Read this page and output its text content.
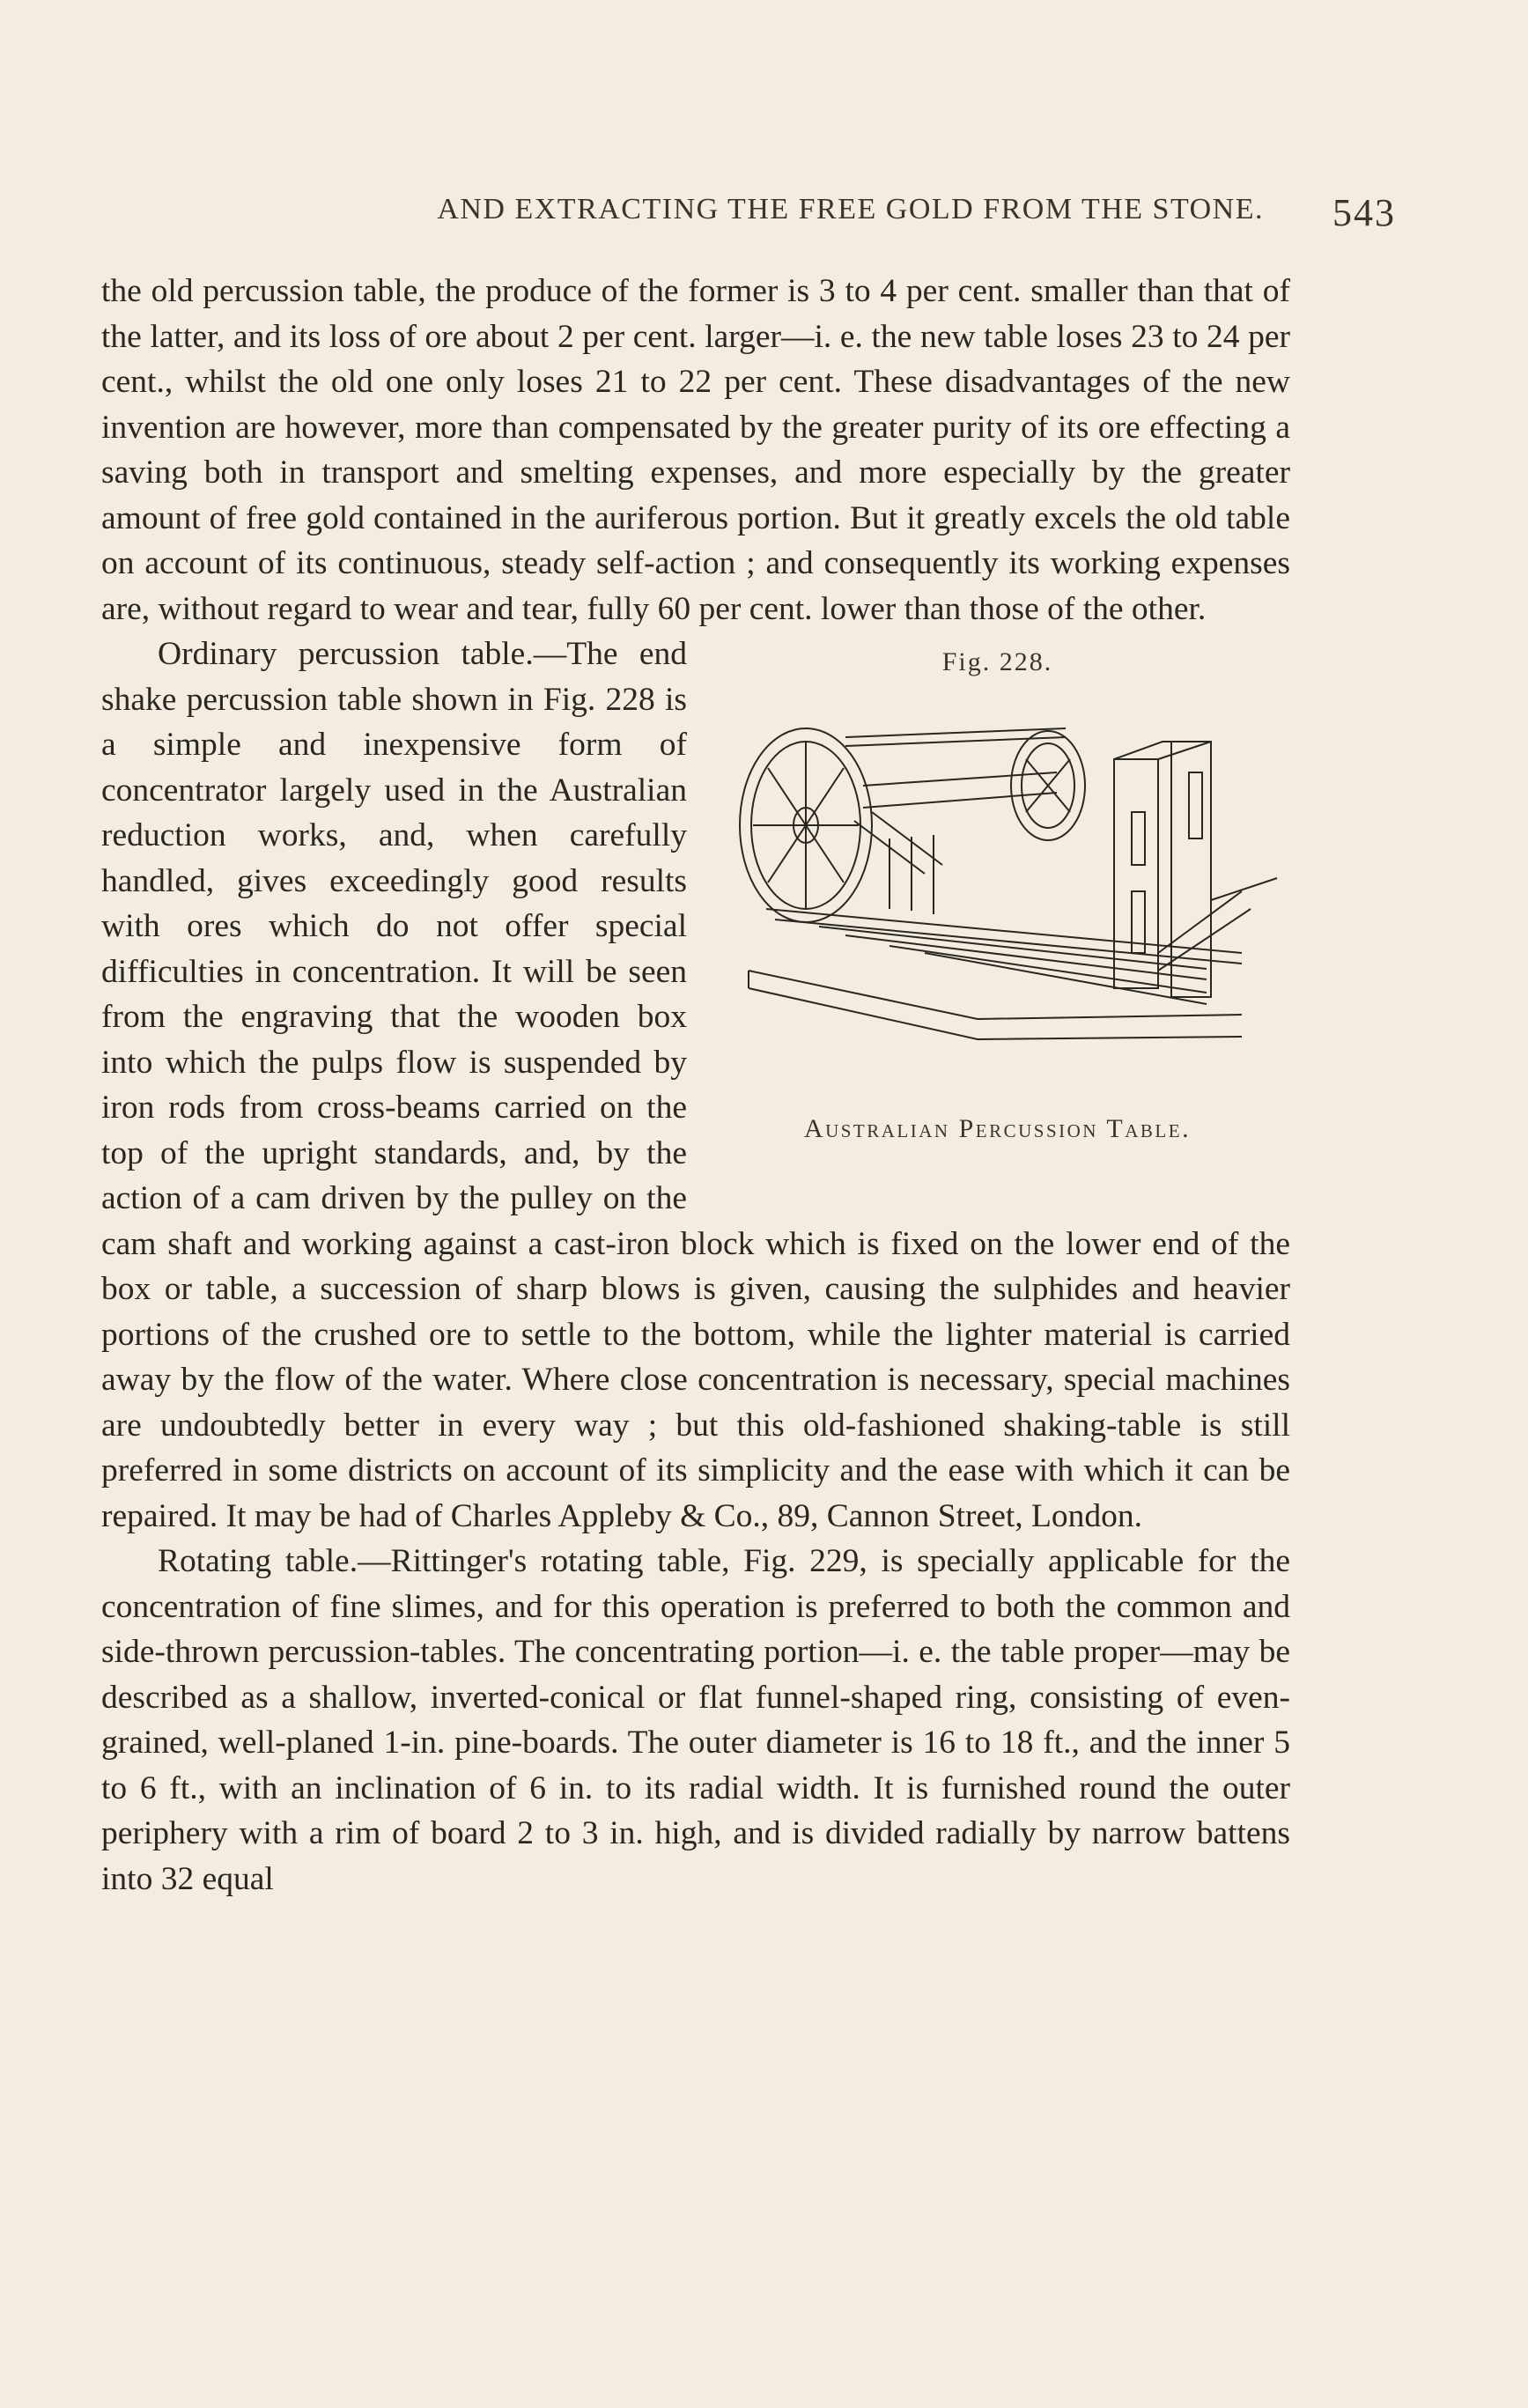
AND EXTRACTING THE FREE GOLD FROM THE STONE.	543

the old percussion table, the produce of the former is 3 to 4 per cent. smaller than that of the latter, and its loss of ore about 2 per cent. larger—i. e. the new table loses 23 to 24 per cent., whilst the old one only loses 21 to 22 per cent. These disadvantages of the new invention are however, more than compensated by the greater purity of its ore effecting a saving both in transport and smelting expenses, and more especially by the greater amount of free gold contained in the auriferous portion. But it greatly excels the old table on account of its continuous, steady self-action ; and consequently its working expenses are, without regard to wear and tear, fully 60 per cent. lower than those of the other.

Fig. 228.
Australian Percussion Table.

Ordinary percussion table.—The end shake percussion table shown in Fig. 228 is a simple and inexpensive form of concentrator largely used in the Australian reduction works, and, when carefully handled, gives exceedingly good results with ores which do not offer special difficulties in concentration. It will be seen from the engraving that the wooden box into which the pulps flow is suspended by iron rods from cross-beams carried on the top of the upright standards, and, by the action of a cam driven by the pulley on the cam shaft and working against a cast-iron block which is fixed on the lower end of the box or table, a succession of sharp blows is given, causing the sulphides and heavier portions of the crushed ore to settle to the bottom, while the lighter material is carried away by the flow of the water. Where close concentration is necessary, special machines are undoubtedly better in every way ; but this old-fashioned shaking-table is still preferred in some districts on account of its simplicity and the ease with which it can be repaired. It may be had of Charles Appleby & Co., 89, Cannon Street, London.

Rotating table.—Rittinger's rotating table, Fig. 229, is specially applicable for the concentration of fine slimes, and for this operation is preferred to both the common and side-thrown percussion-tables. The concentrating portion—i. e. the table proper—may be described as a shallow, inverted-conical or flat funnel-shaped ring, consisting of even-grained, well-planed 1-in. pine-boards. The outer diameter is 16 to 18 ft., and the inner 5 to 6 ft., with an inclination of 6 in. to its radial width. It is furnished round the outer periphery with a rim of board 2 to 3 in. high, and is divided radially by narrow battens into 32 equal
